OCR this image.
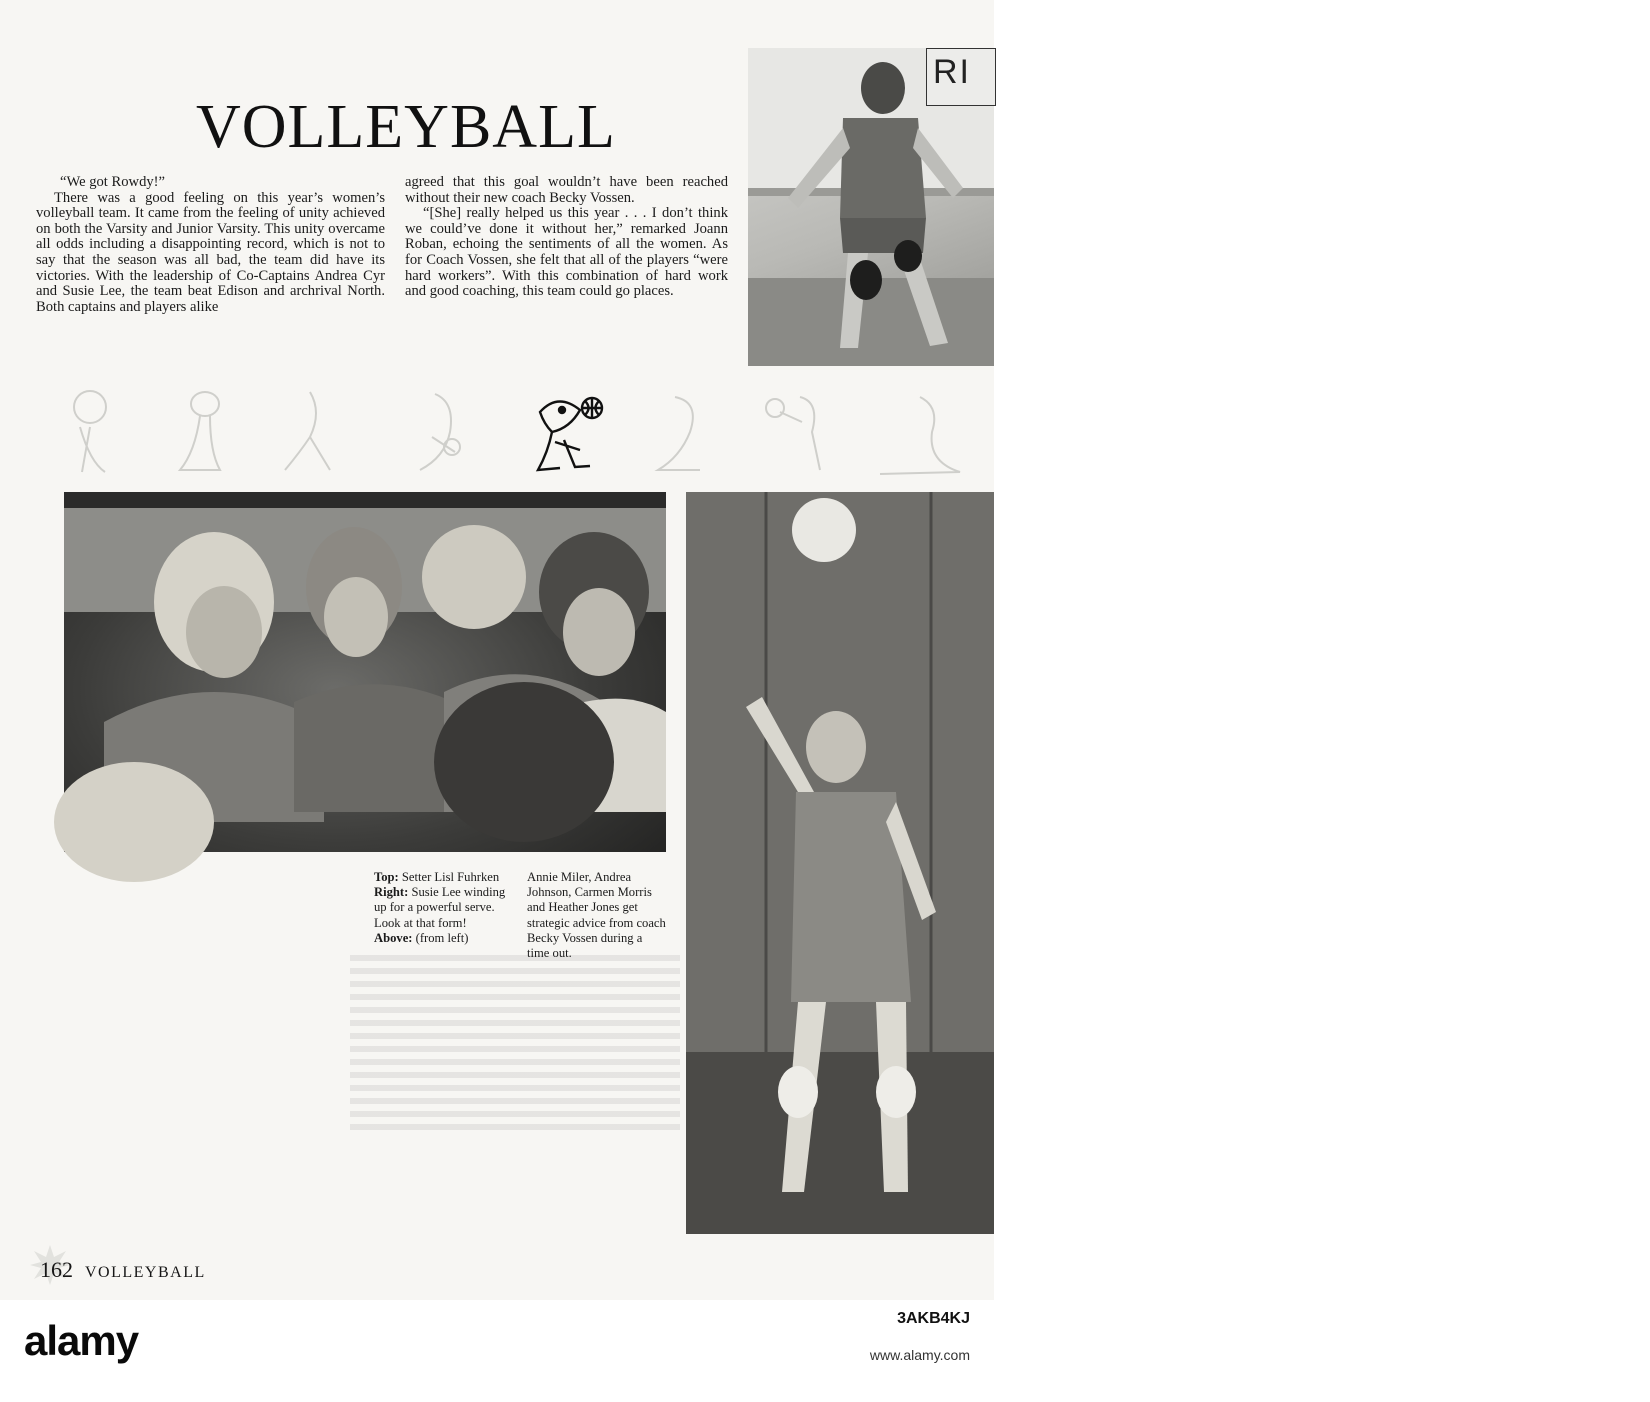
VOLLEYBALL

“We got Rowdy!”

There was a good feeling on this year’s women’s volleyball team. It came from the feeling of unity achieved on both the Varsity and Junior Varsity. This unity overcame all odds including a disappointing record, which is not to say that the season was all bad, the team did have its victories. With the leadership of Co-Captains Andrea Cyr and Susie Lee, the team beat Edison and archrival North. Both captains and players alike

agreed that this goal wouldn’t have been reached without their new coach Becky Vossen.

“[She] really helped us this year . . . I don’t think we could’ve done it without her,” remarked Joann Roban, echoing the sentiments of all the women. As for Coach Vossen, she felt that all of the players “were hard workers”. With this combination of hard work and good coaching, this team could go places.

alamy
RI
alamy
alamy
Top: Setter Lisl Fuhrken
Right: Susie Lee winding up for a powerful serve. Look at that form!
Above: (from left)
Annie Miler, Andrea Johnson, Carmen Morris and Heather Jones get strategic advice from coach Becky Vossen during a time out.
162 VOLLEYBALL
alamy	3AKB4KJ
www.alamy.com
